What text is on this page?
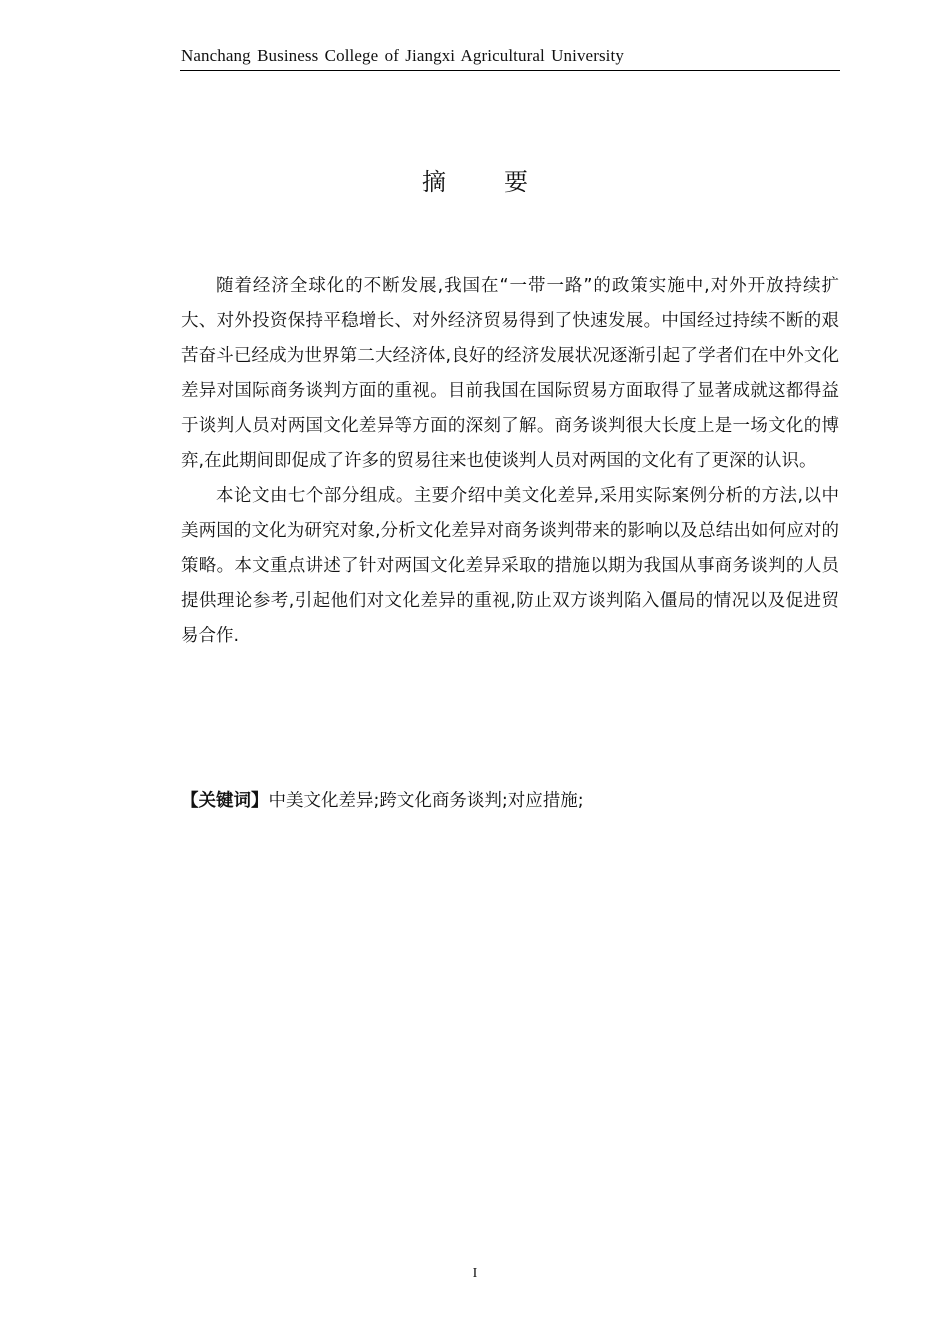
Nanchang Business College of Jiangxi Agricultural University
摘要

随着经济全球化的不断发展,我国在“一带一路”的政策实施中,对外开放持续扩大、对外投资保持平稳增长、对外经济贸易得到了快速发展。中国经过持续不断的艰苦奋斗已经成为世界第二大经济体,良好的经济发展状况逐渐引起了学者们在中外文化差异对国际商务谈判方面的重视。目前我国在国际贸易方面取得了显著成就这都得益于谈判人员对两国文化差异等方面的深刻了解。商务谈判很大长度上是一场文化的博弈,在此期间即促成了许多的贸易往来也使谈判人员对两国的文化有了更深的认识。

本论文由七个部分组成。主要介绍中美文化差异,采用实际案例分析的方法,以中美两国的文化为研究对象,分析文化差异对商务谈判带来的影响以及总结出如何应对的策略。本文重点讲述了针对两国文化差异采取的措施以期为我国从事商务谈判的人员提供理论参考,引起他们对文化差异的重视,防止双方谈判陷入僵局的情况以及促进贸易合作.

【关键词】中美文化差异;跨文化商务谈判;对应措施;
I
